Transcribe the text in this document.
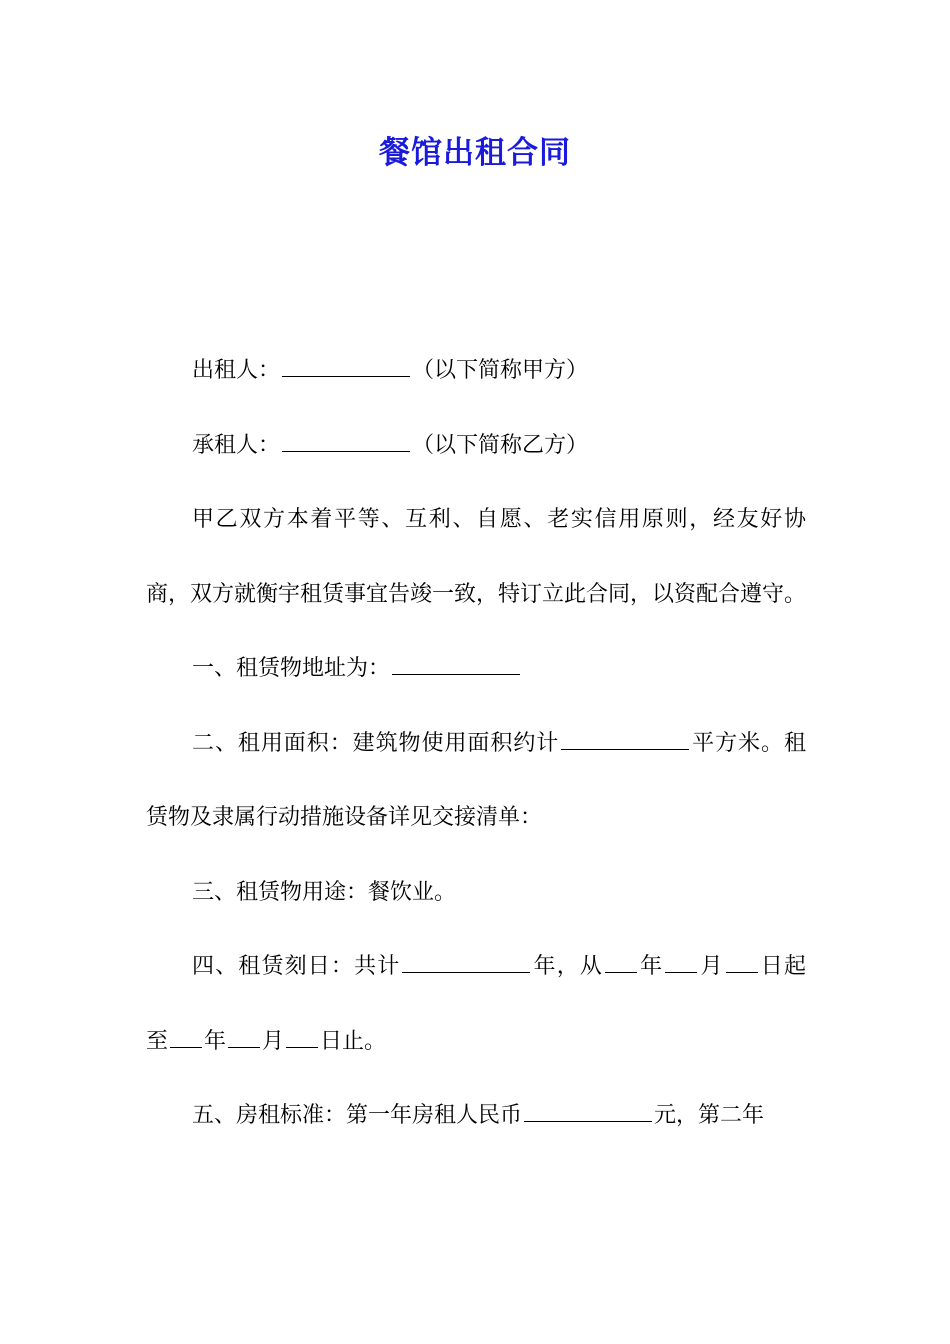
餐馆出租合同

出租人：	（以下简称甲方）

承租人：	（以下简称乙方）

甲乙双方本着平等、互利、自愿、老实信用原则，经友好协商，双方就衡宇租赁事宜告竣一致，特订立此合同，以资配合遵守。

一、租赁物地址为：

二、租用面积：建筑物使用面积约计	平方米。租赁物及隶属行动措施设备详见交接清单：

三、租赁物用途：餐饮业。

四、租赁刻日：共计	年，从 年 月 日起至 年 月 日止。

五、房租标准：第一年房租人民币	元，第二年
